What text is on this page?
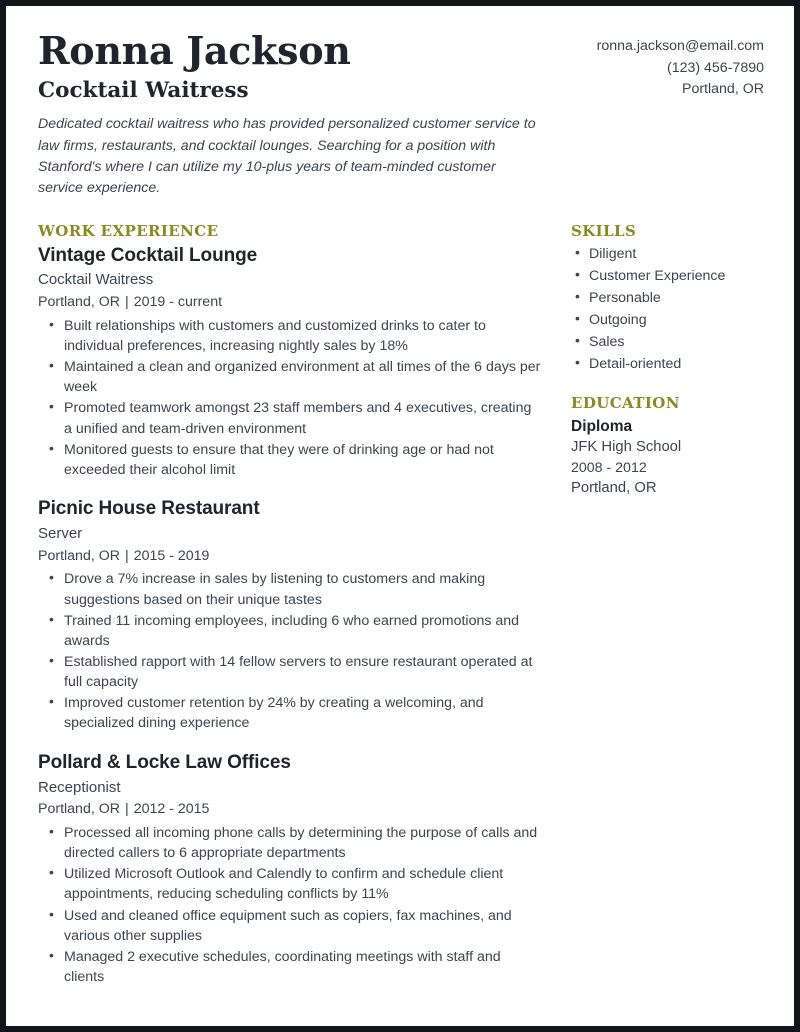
Ronna Jackson
Cocktail Waitress

Dedicated cocktail waitress who has provided personalized customer service to law firms, restaurants, and cocktail lounges. Searching for a position with Stanford's where I can utilize my 10-plus years of team-minded customer service experience.

ronna.jackson@email.com
(123) 456-7890
Portland, OR
WORK EXPERIENCE
Vintage Cocktail Lounge
Cocktail Waitress
Portland, OR | 2019 - current
• Built relationships with customers and customized drinks to cater to individual preferences, increasing nightly sales by 18%
• Maintained a clean and organized environment at all times of the 6 days per week
• Promoted teamwork amongst 23 staff members and 4 executives, creating a unified and team-driven environment
• Monitored guests to ensure that they were of drinking age or had not exceeded their alcohol limit
Picnic House Restaurant
Server
Portland, OR | 2015 - 2019
• Drove a 7% increase in sales by listening to customers and making suggestions based on their unique tastes
• Trained 11 incoming employees, including 6 who earned promotions and awards
• Established rapport with 14 fellow servers to ensure restaurant operated at full capacity
• Improved customer retention by 24% by creating a welcoming, and specialized dining experience
Pollard & Locke Law Offices
Receptionist
Portland, OR | 2012 - 2015
• Processed all incoming phone calls by determining the purpose of calls and directed callers to 6 appropriate departments
• Utilized Microsoft Outlook and Calendly to confirm and schedule client appointments, reducing scheduling conflicts by 11%
• Used and cleaned office equipment such as copiers, fax machines, and various other supplies
• Managed 2 executive schedules, coordinating meetings with staff and clients
SKILLS
• Diligent
• Customer Experience
• Personable
• Outgoing
• Sales
• Detail-oriented
EDUCATION
Diploma
JFK High School
2008 - 2012
Portland, OR
